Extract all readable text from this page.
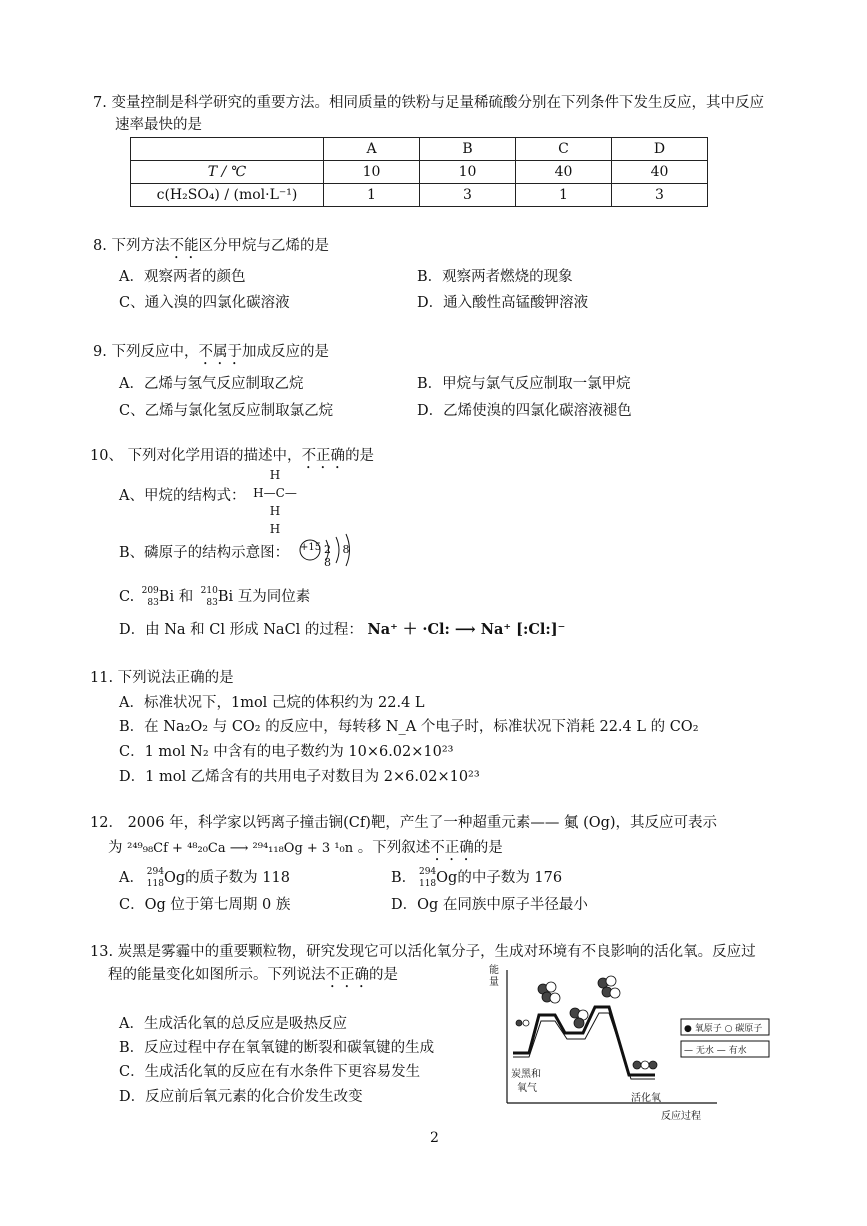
7. 变量控制是科学研究的重要方法。相同质量的铁粉与足量稀硫酸分别在下列条件下发生反应，其中反应
速率最快的是
	A	B	C	D
T / ℃	10	10	40	40
c(H₂SO₄) / (mol·L⁻¹)	1	3	1	3
8. 下列方法不能区分甲烷与乙烯的是
A．观察两者的颜色	B．观察两者燃烧的现象
C、通入溴的四氯化碳溶液	D．通入酸性高锰酸钾溶液
9. 下列反应中，不属于加成反应的是
A．乙烯与氢气反应制取乙烷	B．甲烷与氯气反应制取一氯甲烷
C、乙烯与氯化氢反应制取氯乙烷	D．乙烯使溴的四氯化碳溶液褪色
10、 下列对化学用语的描述中，不正确的是
A、甲烷的结构式：
H
H—C—H
H
B、磷原子的结构示意图： +15 2 8 8
C. 209
83 Bi 和 210
83 Bi 互为同位素
D．由 Na 和 Cl 形成 NaCl 的过程： Na⁺ ＋ ·Cl: ⟶ Na⁺ [:Cl:]⁻
11. 下列说法正确的是
A．标准状况下，1mol 己烷的体积约为 22.4 L
B．在 Na₂O₂ 与 CO₂ 的反应中，每转移 N_A 个电子时，标准状况下消耗 22.4 L 的 CO₂
C．1 mol N₂ 中含有的电子数约为 10×6.02×10²³
D．1 mol 乙烯含有的共用电子对数目为 2×6.02×10²³
12． 2006 年，科学家以钙离子撞击锎(Cf)靶，产生了一种超重元素—— 鿫 (Og)，其反应可表示
为 ²⁴⁹₉₈Cf + ⁴⁸₂₀Ca ⟶ ²⁹⁴₁₁₈Og + 3 ¹₀n 。下列叙述不正确的是
A． 294
118 Og的质子数为 118	B． 294
118 Og的中子数为 176
C．Og 位于第七周期 0 族	D．Og 在同族中原子半径最小
13. 炭黑是雾霾中的重要颗粒物，研究发现它可以活化氧分子，生成对环境有不良影响的活化氧。反应过
程的能量变化如图所示。下列说法不正确的是
A．生成活化氧的总反应是吸热反应
B．反应过程中存在氧氧键的断裂和碳氧键的生成
C．生成活化氧的反应在有水条件下更容易发生
D．反应前后氧元素的化合价发生改变
能量
反应过程
炭黑和
氧气
活化氧
● 氧原子 ○ 碳原子
— 无水 — 有水
2
